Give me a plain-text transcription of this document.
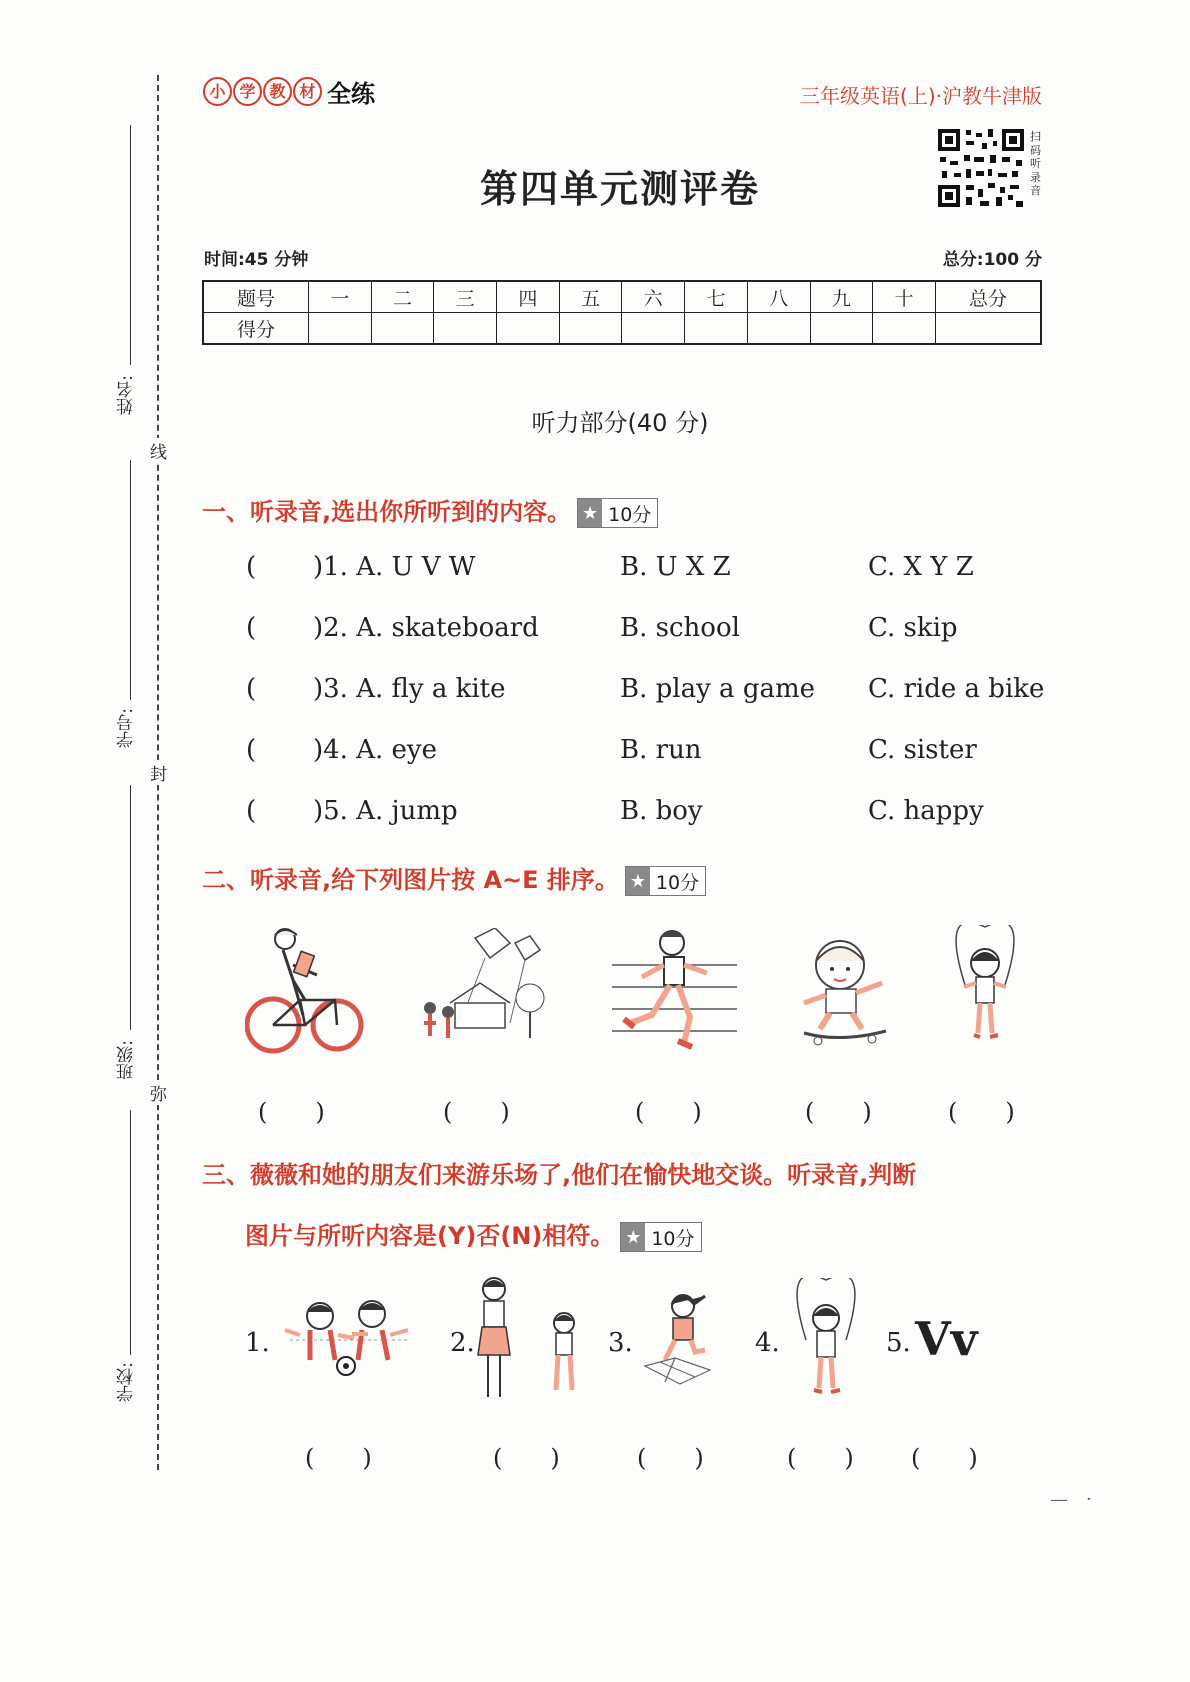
姓名:
学号:
班级:
学校:
线
封
弥
小 学 教 材 全练	三年级英语(上)·沪教牛津版
第四单元测评卷
扫
码
听
录
音
时间:45 分钟	总分:100 分
题号	一	二	三	四	五	六	七	八	九	十	总分
得分											
听力部分(40 分)
一、听录音,选出你所听到的内容。 ★ 10分
( )1. A. U V W	B. U X Z	C. X Y Z
( )2. A. skateboard	B. school	C. skip
( )3. A. fly a kite	B. play a game C. ride a bike
( )4. A. eye	B. run	C. sister
( )5. A. jump	B. boy	C. happy
二、听录音,给下列图片按 A~E 排序。 ★ 10分
(　　)	(　　)	(　　)	(　　)	(　　)
三、薇薇和她的朋友们来游乐场了,他们在愉快地交谈。听录音,判断
图片与所听内容是(Y)否(N)相符。 ★ 10分
1.	2.	3.	4.	5. Vv
(　　)	(　　)	(　　)	(　　) (　　)
—　·
